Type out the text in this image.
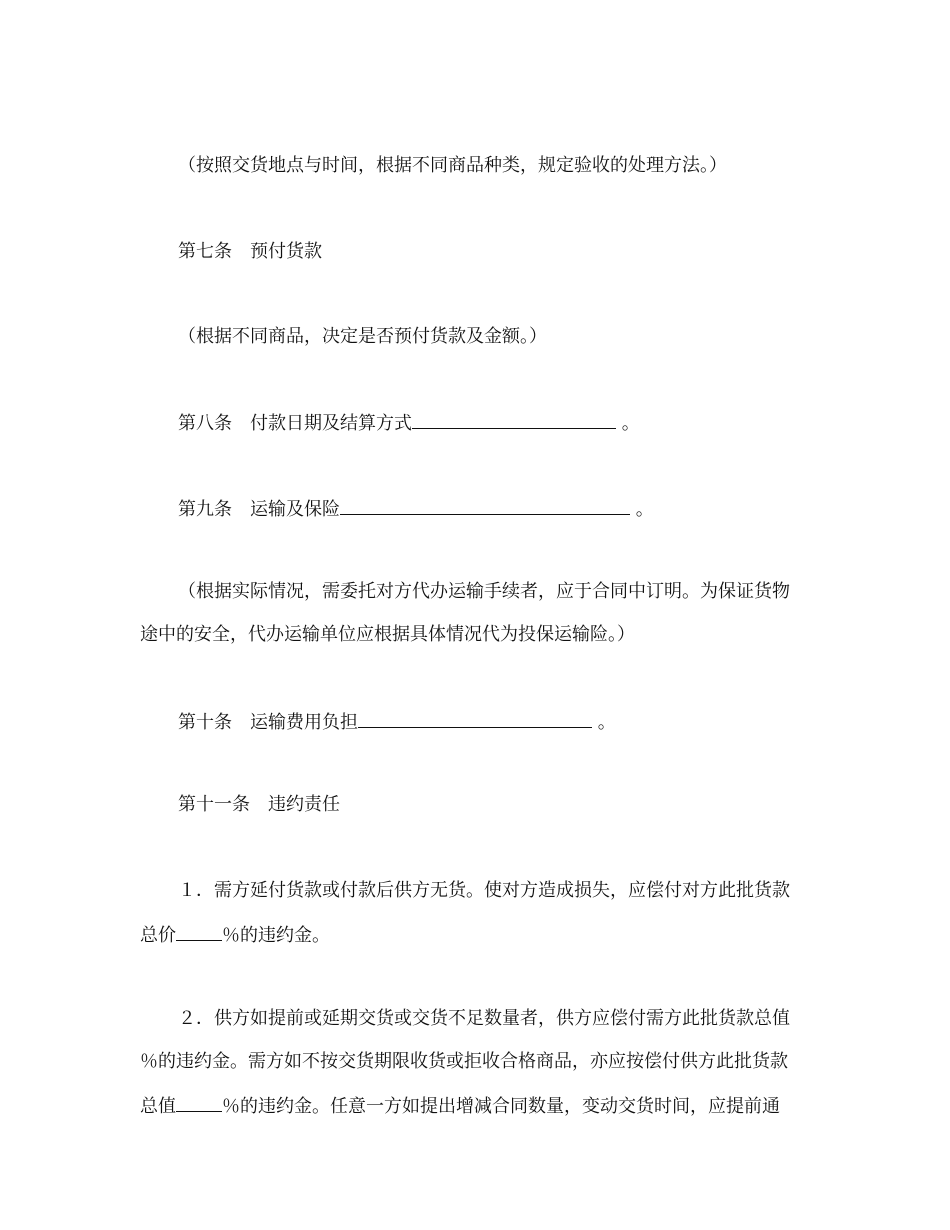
（按照交货地点与时间，根据不同商品种类，规定验收的处理方法。）
第七条 预付货款
（根据不同商品，决定是否预付货款及金额。）
第八条 付款日期及结算方式	。
第九条 运输及保险	。
（根据实际情况，需委托对方代办运输手续者，应于合同中订明。为保证货物
途中的安全，代办运输单位应根据具体情况代为投保运输险。）
第十条 运输费用负担	。
第十一条 违约责任
１．需方延付货款或付款后供方无货。使对方造成损失，应偿付对方此批货款
总价	％的违约金。
２．供方如提前或延期交货或交货不足数量者，供方应偿付需方此批货款总值
％的违约金。需方如不按交货期限收货或拒收合格商品，亦应按偿付供方此批货款
总值	％的违约金。任意一方如提出增减合同数量，变动交货时间，应提前通
